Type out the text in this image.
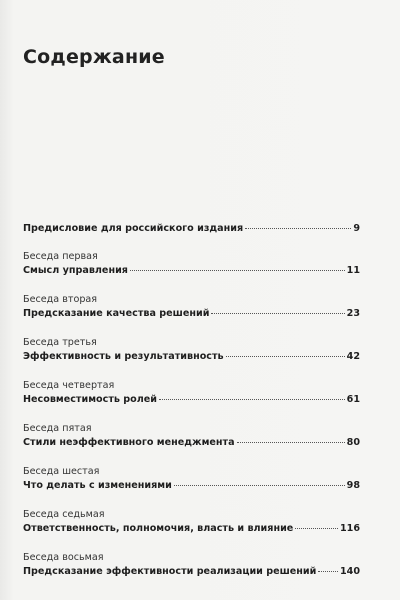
Содержание
Предисловие для российского издания	9
Беседа первая
Смысл управления	11
Беседа вторая
Предсказание качества решений	23
Беседа третья
Эффективность и результативность	42
Беседа четвертая
Несовместимость ролей	61
Беседа пятая
Стили неэффективного менеджмента	80
Беседа шестая
Что делать с изменениями	98
Беседа седьмая
Ответственность, полномочия, власть и влияние	116
Беседа восьмая
Предсказание эффективности реализации решений 140
